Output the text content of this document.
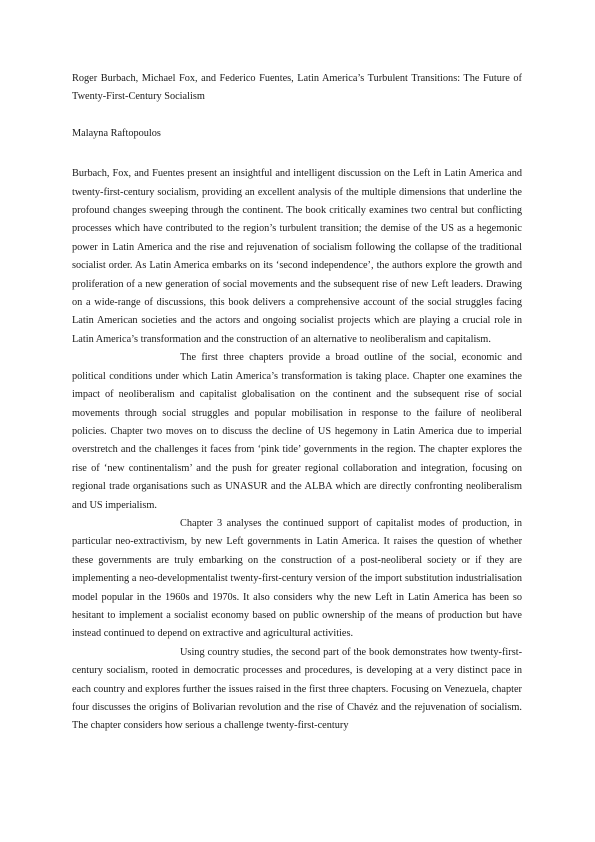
Roger Burbach, Michael Fox, and Federico Fuentes, Latin America’s Turbulent Transitions: The Future of Twenty-First-Century Socialism

Malayna Raftopoulos

Burbach, Fox, and Fuentes present an insightful and intelligent discussion on the Left in Latin America and twenty-first-century socialism, providing an excellent analysis of the multiple dimensions that underline the profound changes sweeping through the continent. The book critically examines two central but conflicting processes which have contributed to the region’s turbulent transition; the demise of the US as a hegemonic power in Latin America and the rise and rejuvenation of socialism following the collapse of the traditional socialist order. As Latin America embarks on its ‘second independence’, the authors explore the growth and proliferation of a new generation of social movements and the subsequent rise of new Left leaders. Drawing on a wide-range of discussions, this book delivers a comprehensive account of the social struggles facing Latin American societies and the actors and ongoing socialist projects which are playing a crucial role in Latin America’s transformation and the construction of an alternative to neoliberalism and capitalism.

The first three chapters provide a broad outline of the social, economic and political conditions under which Latin America’s transformation is taking place. Chapter one examines the impact of neoliberalism and capitalist globalisation on the continent and the subsequent rise of social movements through social struggles and popular mobilisation in response to the failure of neoliberal policies. Chapter two moves on to discuss the decline of US hegemony in Latin America due to imperial overstretch and the challenges it faces from ‘pink tide’ governments in the region. The chapter explores the rise of ‘new continentalism’ and the push for greater regional collaboration and integration, focusing on regional trade organisations such as UNASUR and the ALBA which are directly confronting neoliberalism and US imperialism.

Chapter 3 analyses the continued support of capitalist modes of production, in particular neo-extractivism, by new Left governments in Latin America. It raises the question of whether these governments are truly embarking on the construction of a post-neoliberal society or if they are implementing a neo-developmentalist twenty-first-century version of the import substitution industrialisation model popular in the 1960s and 1970s. It also considers why the new Left in Latin America has been so hesitant to implement a socialist economy based on public ownership of the means of production but have instead continued to depend on extractive and agricultural activities.

Using country studies, the second part of the book demonstrates how twenty-first-century socialism, rooted in democratic processes and procedures, is developing at a very distinct pace in each country and explores further the issues raised in the first three chapters. Focusing on Venezuela, chapter four discusses the origins of Bolivarian revolution and the rise of Chavéz and the rejuvenation of socialism. The chapter considers how serious a challenge twenty-first-century
